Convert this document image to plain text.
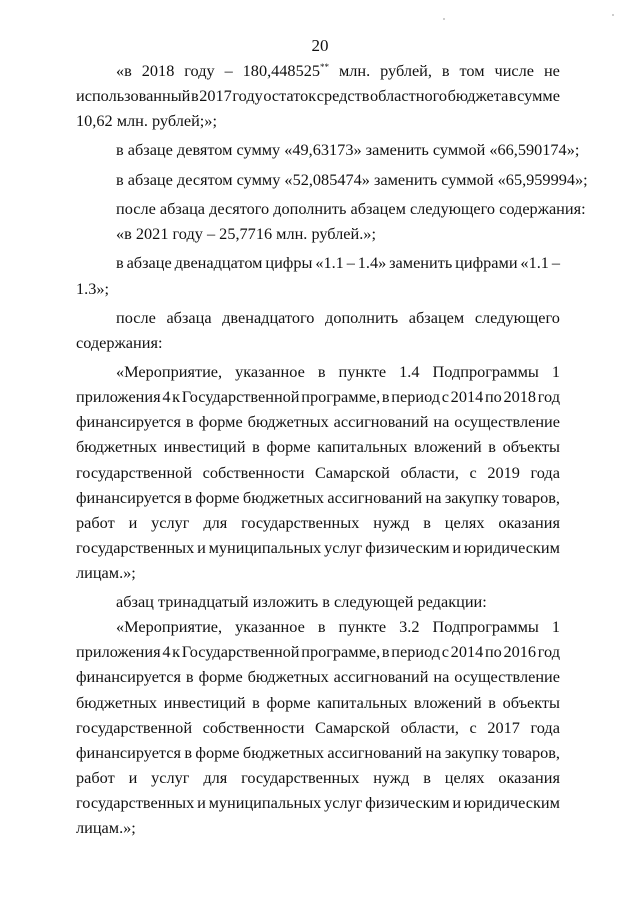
20
«в 2018 году – 180,448525** млн. рублей, в том числе не
использованный в 2017 году остаток средств областного бюджета в сумме
10,62 млн. рублей;»;
в абзаце девятом сумму «49,63173» заменить суммой «66,590174»;
в абзаце десятом сумму «52,085474» заменить суммой «65,959994»;
после абзаца десятого дополнить абзацем следующего содержания:
«в 2021 году – 25,7716 млн. рублей.»;
в абзаце двенадцатом цифры «1.1 – 1.4» заменить цифрами «1.1 –
1.3»;
после абзаца двенадцатого дополнить абзацем следующего
содержания:
«Мероприятие, указанное в пункте 1.4 Подпрограммы 1
приложения 4 к Государственной программе, в период с 2014 по 2018 год
финансируется в форме бюджетных ассигнований на осуществление
бюджетных инвестиций в форме капитальных вложений в объекты
государственной собственности Самарской области, с 2019 года
финансируется в форме бюджетных ассигнований на закупку товаров,
работ и услуг для государственных нужд в целях оказания
государственных и муниципальных услуг физическим и юридическим
лицам.»;
абзац тринадцатый изложить в следующей редакции:
«Мероприятие, указанное в пункте 3.2 Подпрограммы 1
приложения 4 к Государственной программе, в период с 2014 по 2016 год
финансируется в форме бюджетных ассигнований на осуществление
бюджетных инвестиций в форме капитальных вложений в объекты
государственной собственности Самарской области, с 2017 года
финансируется в форме бюджетных ассигнований на закупку товаров,
работ и услуг для государственных нужд в целях оказания
государственных и муниципальных услуг физическим и юридическим
лицам.»;
